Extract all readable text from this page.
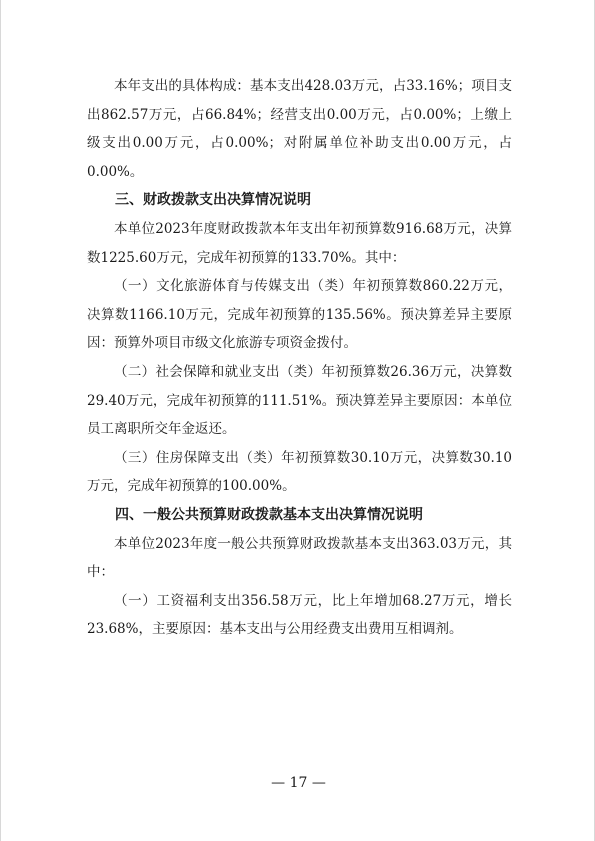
本年支出的具体构成：基本支出428.03万元，占33.16%；项目支出862.57万元，占66.84%；经营支出0.00万元，占0.00%；上缴上级支出0.00万元，占0.00%；对附属单位补助支出0.00万元，占0.00%。

三、财政拨款支出决算情况说明

本单位2023年度财政拨款本年支出年初预算数916.68万元，决算数1225.60万元，完成年初预算的133.70%。其中：

（一）文化旅游体育与传媒支出（类）年初预算数860.22万元，决算数1166.10万元，完成年初预算的135.56%。预决算差异主要原因：预算外项目市级文化旅游专项资金拨付。

（二）社会保障和就业支出（类）年初预算数26.36万元，决算数29.40万元，完成年初预算的111.51%。预决算差异主要原因：本单位员工离职所交年金返还。

（三）住房保障支出（类）年初预算数30.10万元，决算数30.10万元，完成年初预算的100.00%。

四、一般公共预算财政拨款基本支出决算情况说明

本单位2023年度一般公共预算财政拨款基本支出363.03万元，其中：

（一）工资福利支出356.58万元，比上年增加68.27万元，增长23.68%，主要原因：基本支出与公用经费支出费用互相调剂。

— 17 —
